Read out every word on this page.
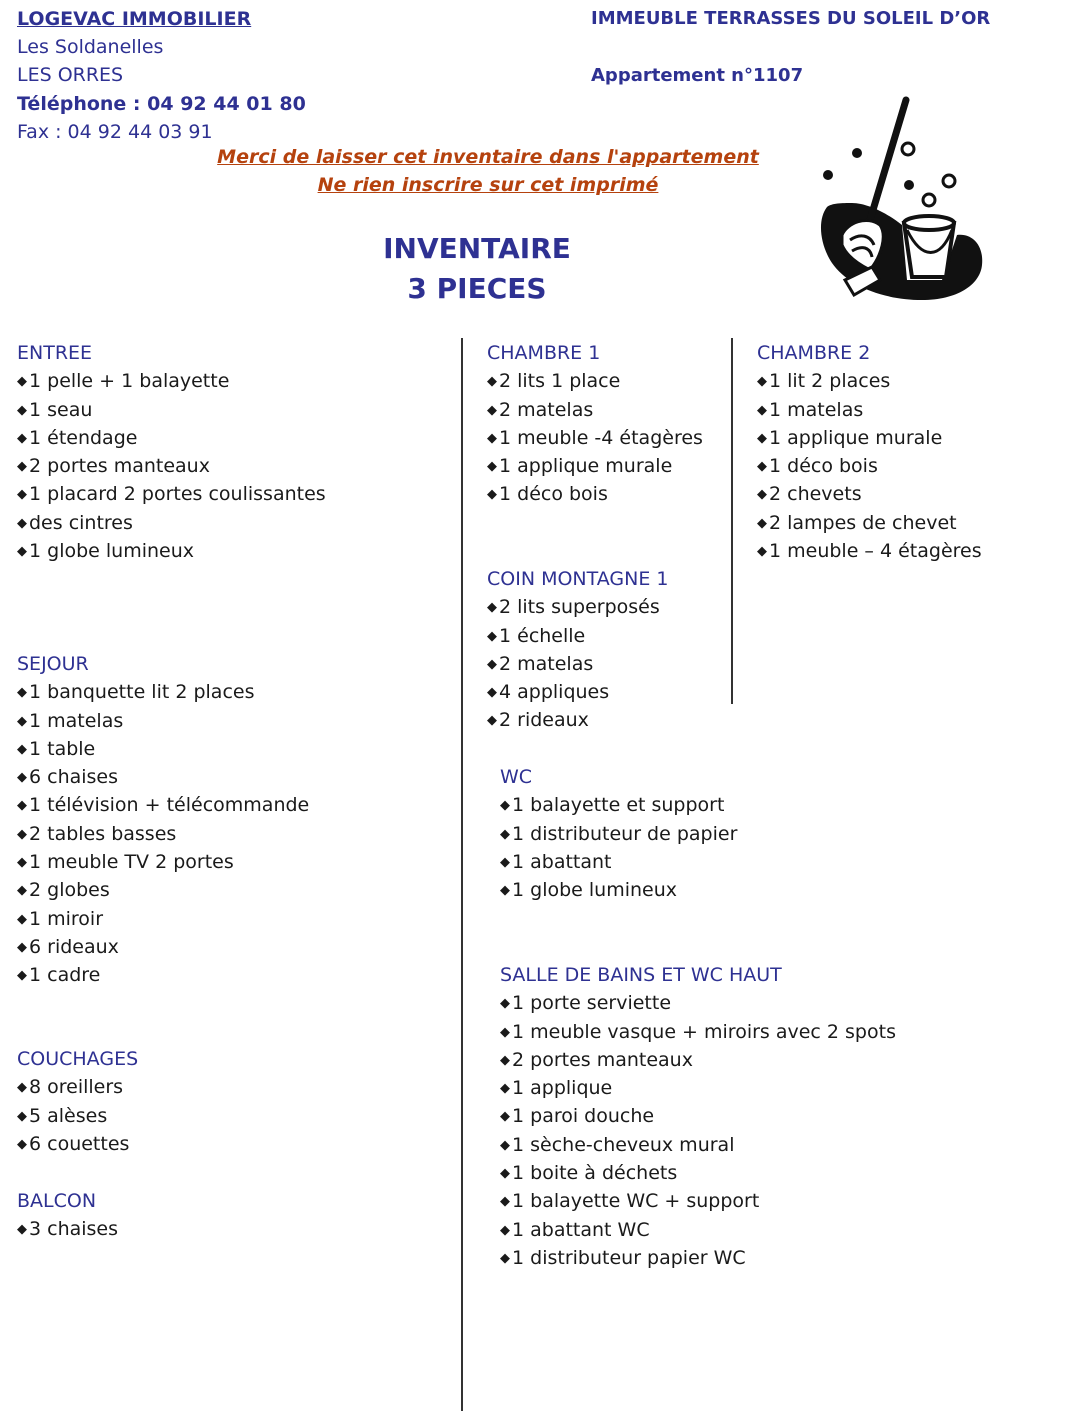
LOGEVAC IMMOBILIER
Les Soldanelles
LES ORRES
Téléphone : 04 92 44 01 80
Fax : 04 92 44 03 91
IMMEUBLE TERRASSES DU SOLEIL D’OR
Appartement n°1107
Merci de laisser cet inventaire dans l'appartement
Ne rien inscrire sur cet imprimé
INVENTAIRE
3 PIECES
ENTREE
◆ 1 pelle + 1 balayette
◆ 1 seau
◆ 1 étendage
◆ 2 portes manteaux
◆ 1 placard 2 portes coulissantes
◆ des cintres
◆ 1 globe lumineux
SEJOUR
◆ 1 banquette lit 2 places
◆ 1 matelas
◆ 1 table
◆ 6 chaises
◆ 1 télévision + télécommande
◆ 2 tables basses
◆ 1 meuble TV 2 portes
◆ 2 globes
◆ 1 miroir
◆ 6 rideaux
◆ 1 cadre
COUCHAGES
◆ 8 oreillers
◆ 5 alèses
◆ 6 couettes
BALCON
◆ 3 chaises
CHAMBRE 1
◆ 2 lits 1 place
◆ 2 matelas
◆ 1 meuble -4 étagères
◆ 1 applique murale
◆ 1 déco bois
COIN MONTAGNE 1
◆ 2 lits superposés
◆ 1 échelle
◆ 2 matelas
◆ 4 appliques
◆ 2 rideaux
WC
◆ 1 balayette et support
◆ 1 distributeur de papier
◆ 1 abattant
◆ 1 globe lumineux
SALLE DE BAINS ET WC HAUT
◆ 1 porte serviette
◆ 1 meuble vasque + miroirs avec 2 spots
◆ 2 portes manteaux
◆ 1 applique
◆ 1 paroi douche
◆ 1 sèche-cheveux mural
◆ 1 boite à déchets
◆ 1 balayette WC + support
◆ 1 abattant WC
◆ 1 distributeur papier WC
CHAMBRE 2
◆ 1 lit 2 places
◆ 1 matelas
◆ 1 applique murale
◆ 1 déco bois
◆ 2 chevets
◆ 2 lampes de chevet
◆ 1 meuble – 4 étagères
